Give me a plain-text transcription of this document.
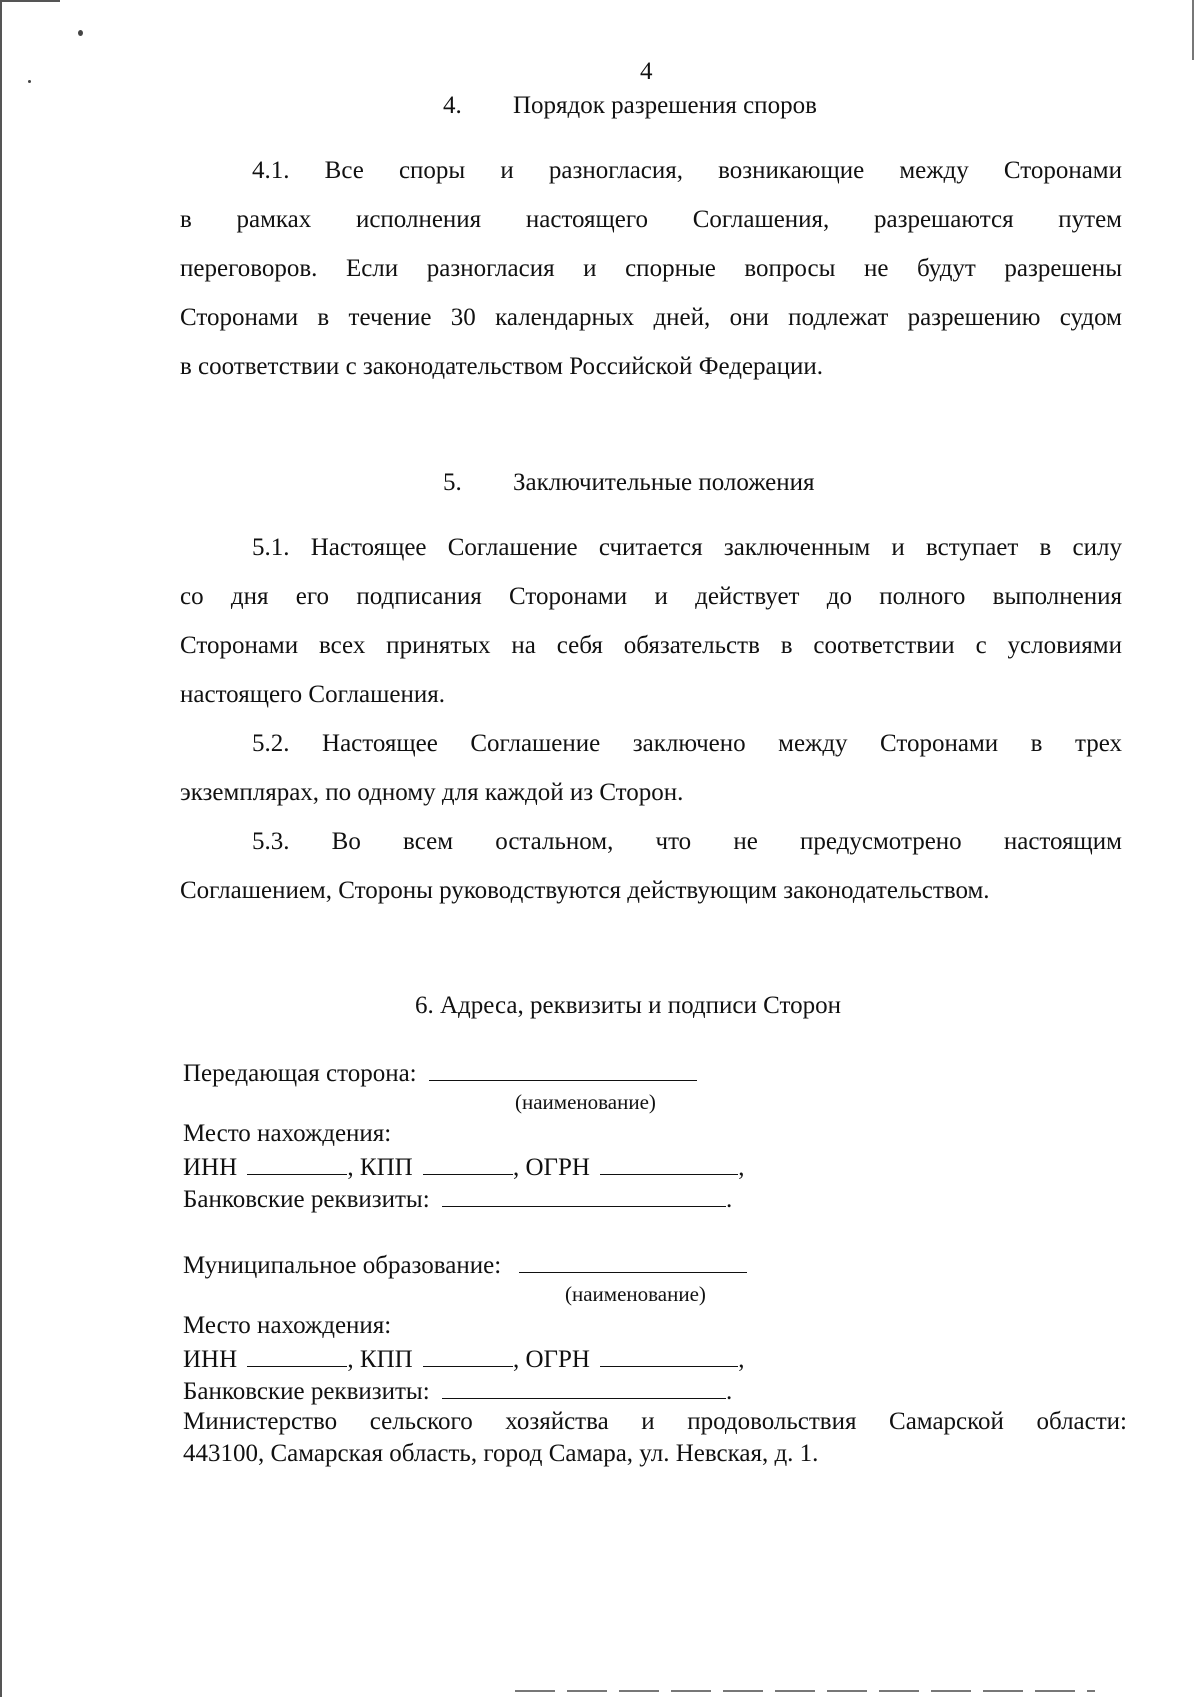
4
4. Порядок разрешения споров
4.1. Все споры и разногласия, возникающие между Сторонами
в рамках исполнения настоящего Соглашения, разрешаются путем
переговоров. Если разногласия и спорные вопросы не будут разрешены
Сторонами в течение 30 календарных дней, они подлежат разрешению судом
в соответствии с законодательством Российской Федерации.
5. Заключительные положения
5.1. Настоящее Соглашение считается заключенным и вступает в силу
со дня его подписания Сторонами и действует до полного выполнения
Сторонами всех принятых на себя обязательств в соответствии с условиями
настоящего Соглашения.
5.2. Настоящее Соглашение заключено между Сторонами в трех
экземплярах, по одному для каждой из Сторон.
5.3. Во всем остальном, что не предусмотрено настоящим
Соглашением, Стороны руководствуются действующим законодательством.
6. Адреса, реквизиты и подписи Сторон
Передающая сторона:
(наименование)
Место нахождения:
ИНН	, КПП	, ОГРН	,
Банковские реквизиты:	.
Муниципальное образование:
(наименование)
Место нахождения:
ИНН	, КПП	, ОГРН	,
Банковские реквизиты:	.
Министерство сельского хозяйства и продовольствия Самарской области:
443100, Самарская область, город Самара, ул. Невская, д. 1.
